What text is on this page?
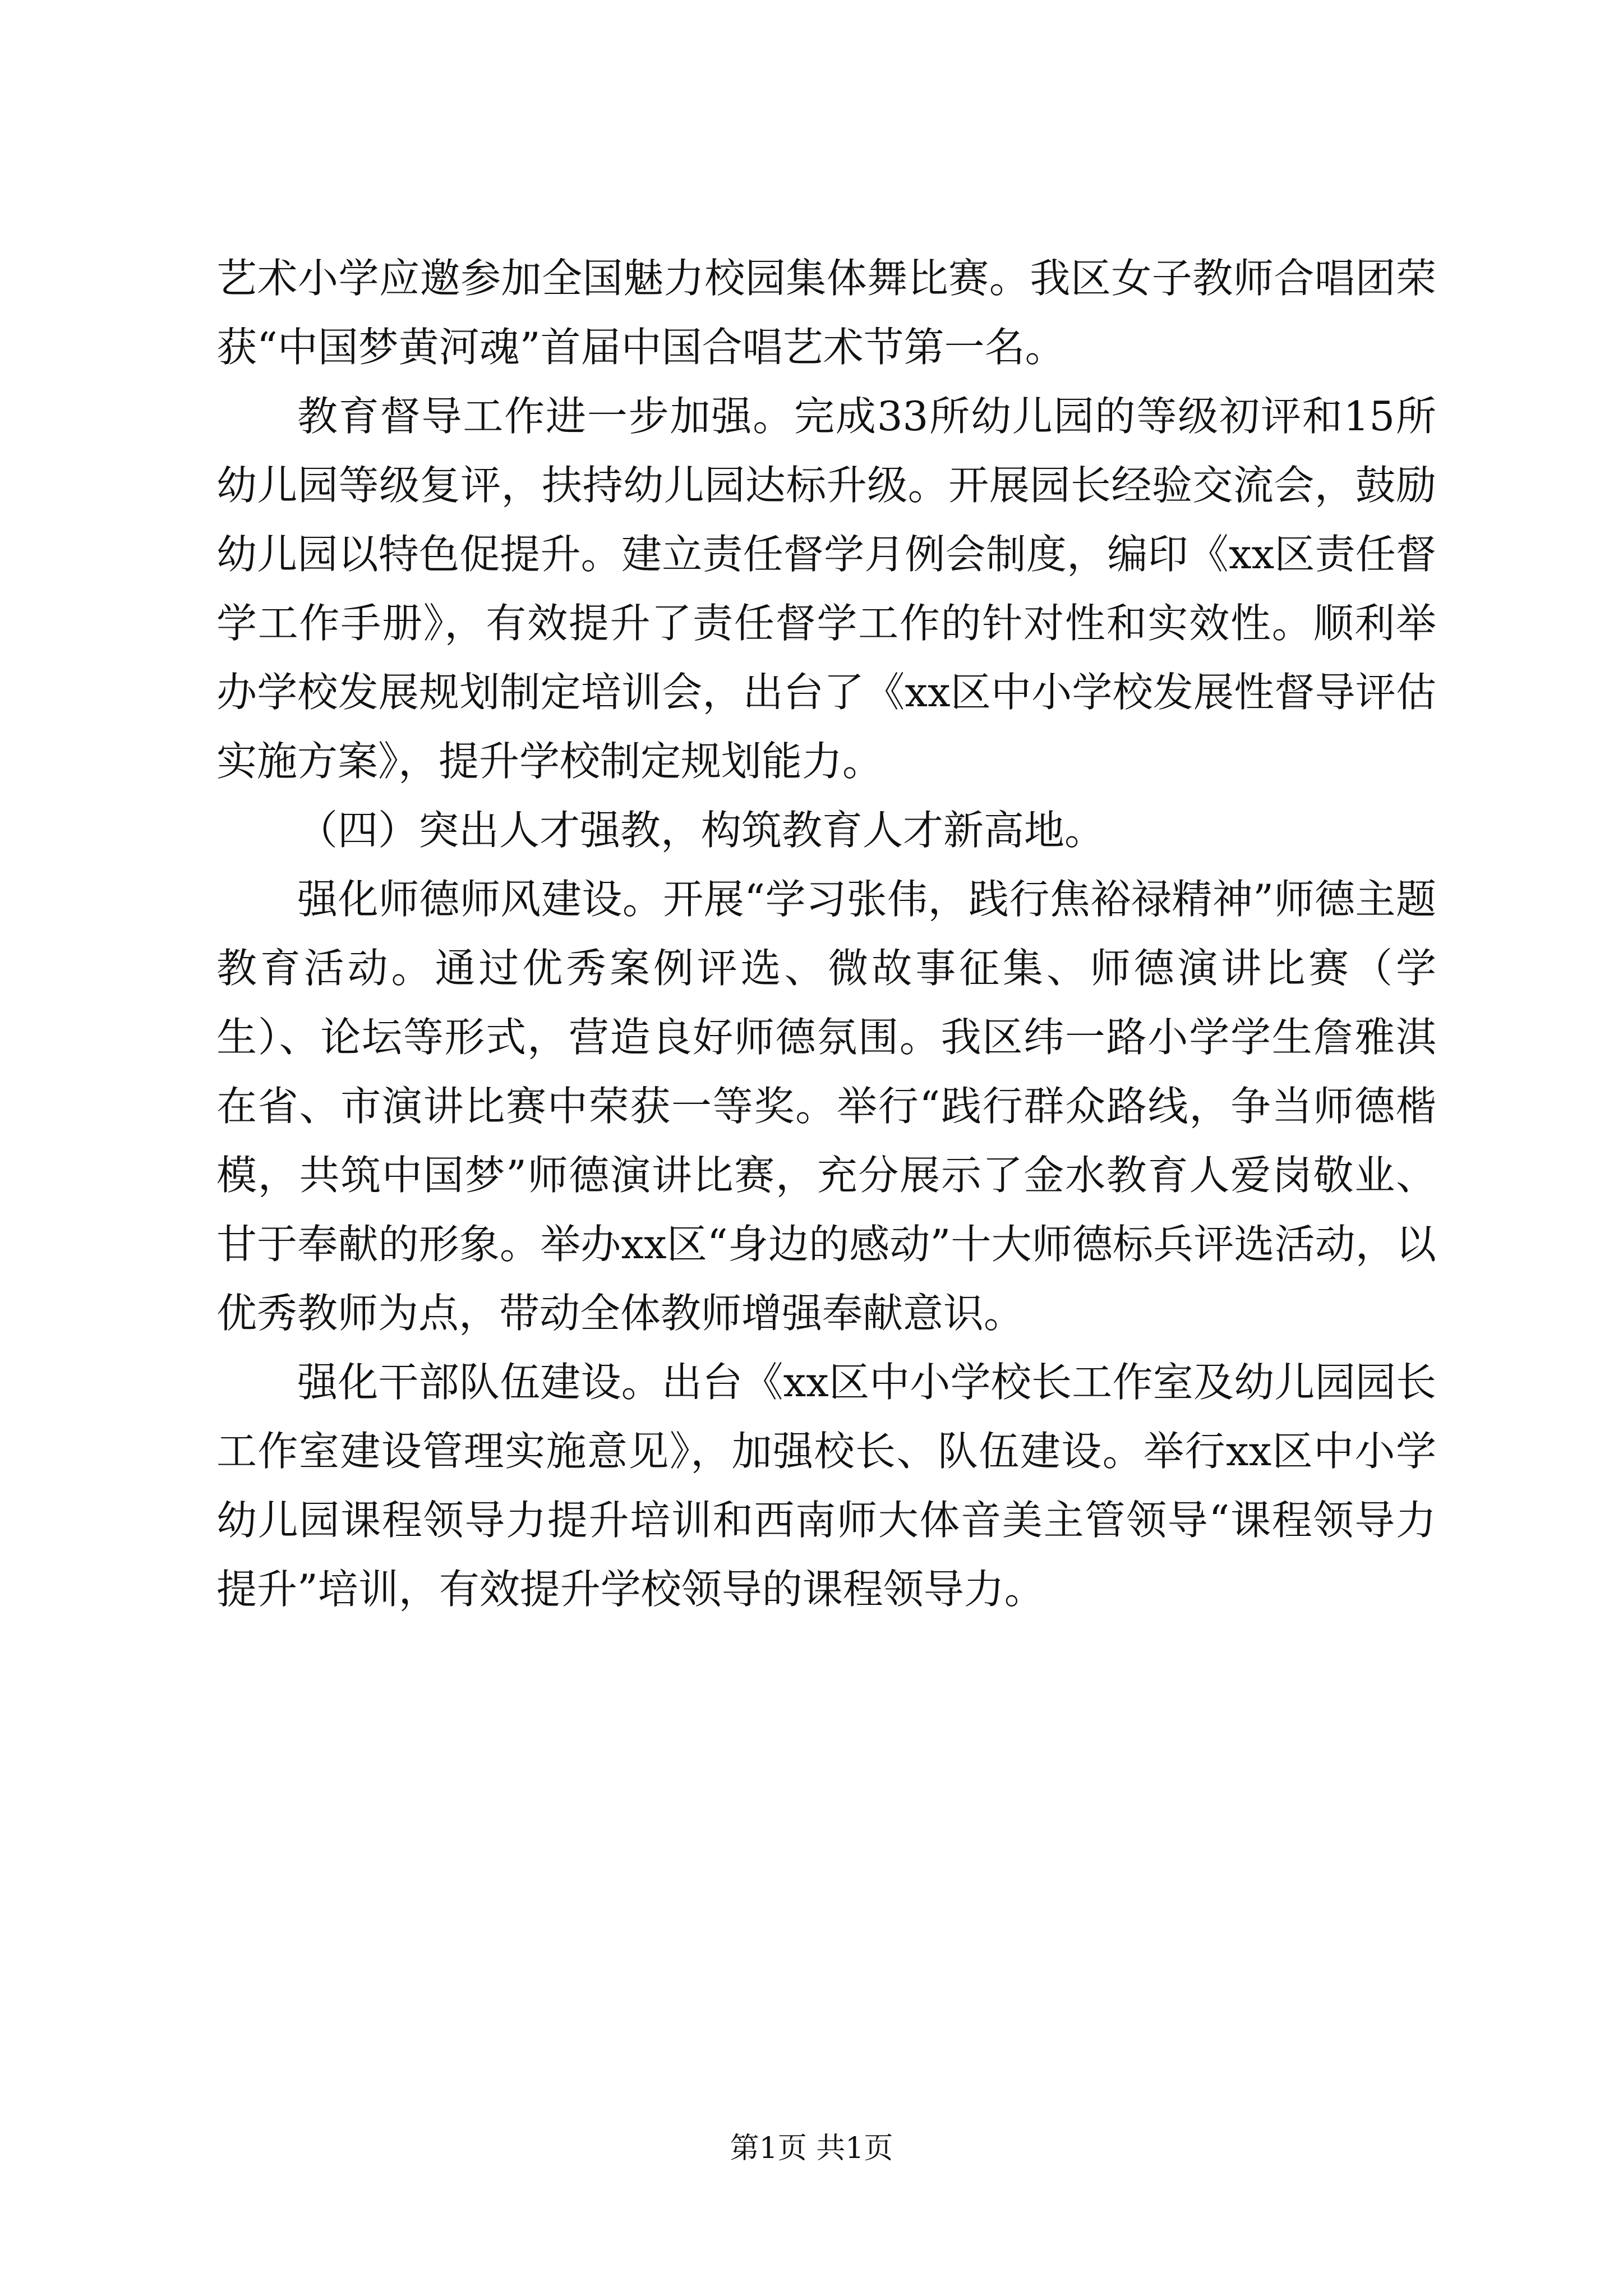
艺术小学应邀参加全国魅力校园集体舞比赛。我区女子教师合唱团荣获“中国梦黄河魂”首届中国合唱艺术节第一名。

教育督导工作进一步加强。完成33所幼儿园的等级初评和15所幼儿园等级复评，扶持幼儿园达标升级。开展园长经验交流会，鼓励幼儿园以特色促提升。建立责任督学月例会制度，编印《xx区责任督学工作手册》，有效提升了责任督学工作的针对性和实效性。顺利举办学校发展规划制定培训会，出台了《xx区中小学校发展性督导评估实施方案》，提升学校制定规划能力。

（四）突出人才强教，构筑教育人才新高地。

强化师德师风建设。开展“学习张伟，践行焦裕禄精神”师德主题教育活动。通过优秀案例评选、微故事征集、师德演讲比赛（学生）、论坛等形式，营造良好师德氛围。我区纬一路小学学生詹雅淇在省、市演讲比赛中荣获一等奖。举行“践行群众路线，争当师德楷模，共筑中国梦”师德演讲比赛，充分展示了金水教育人爱岗敬业、甘于奉献的形象。举办xx区“身边的感动”十大师德标兵评选活动，以优秀教师为点，带动全体教师增强奉献意识。

强化干部队伍建设。出台《xx区中小学校长工作室及幼儿园园长工作室建设管理实施意见》，加强校长、队伍建设。举行xx区中小学幼儿园课程领导力提升培训和西南师大体音美主管领导“课程领导力提升”培训，有效提升学校领导的课程领导力。

第1页 共1页
